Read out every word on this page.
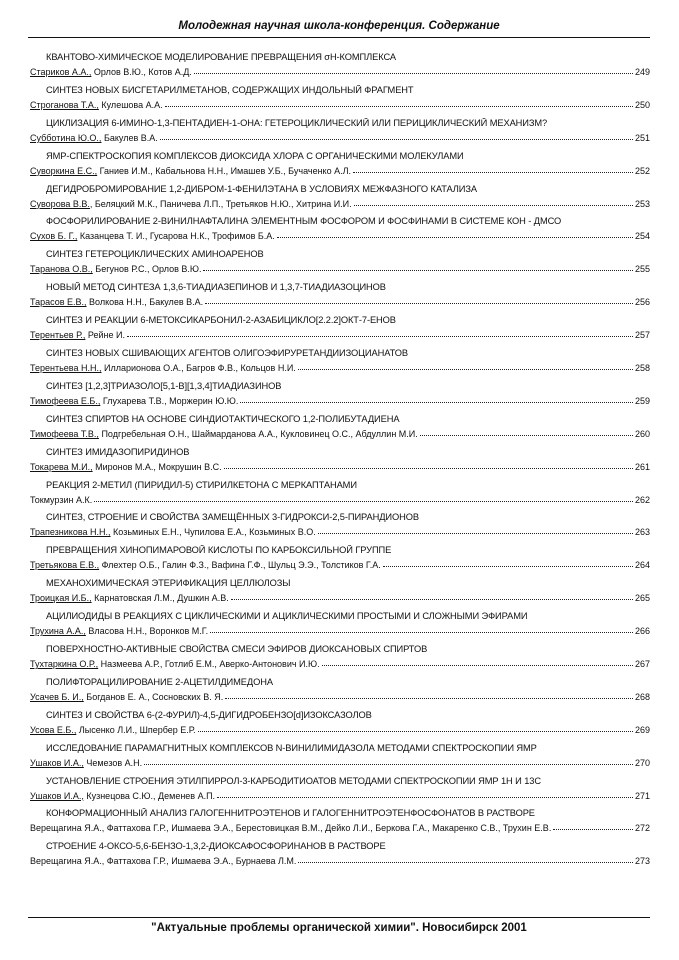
Молодежная научная школа-конференция. Содержание
КВАНТОВО-ХИМИЧЕСКОЕ МОДЕЛИРОВАНИЕ ПРЕВРАЩЕНИЯ σH-КОМПЛЕКСА
Стариков А.А., Орлов В.Ю., Котов А.Д.	249
СИНТЕЗ НОВЫХ БИСГЕТАРИЛМЕТАНОВ, СОДЕРЖАЩИХ ИНДОЛЬНЫЙ ФРАГМЕНТ
Строганова Т.А., Кулешова А.А.	250
ЦИКЛИЗАЦИЯ 6-ИМИНО-1,3-ПЕНТАДИЕН-1-ОНА: ГЕТЕРОЦИКЛИЧЕСКИЙ ИЛИ ПЕРИЦИКЛИЧЕСКИЙ МЕХАНИЗМ?
Субботина Ю.О., Бакулев В.А.	251
ЯМР-СПЕКТРОСКОПИЯ КОМПЛЕКСОВ ДИОКСИДА ХЛОРА С ОРГАНИЧЕСКИМИ МОЛЕКУЛАМИ
Суворкина Е.С., Ганиев И.М., Кабальнова Н.Н., Имашев У.Б., Бучаченко А.Л.	252
ДЕГИДРОБРОМИРОВАНИЕ 1,2-ДИБРОМ-1-ФЕНИЛЭТАНА В УСЛОВИЯХ МЕЖФАЗНОГО КАТАЛИЗА
Суворова В.В., Беляцкий М.К., Паничева Л.П., Третьяков Н.Ю., Хитрина И.И.	253
ФОСФОРИЛИРОВАНИЕ 2-ВИНИЛНАФТАЛИНА ЭЛЕМЕНТНЫМ ФОСФОРОМ И ФОСФИНАМИ В СИСТЕМЕ КОН - ДМСО
Сухов Б. Г., Казанцева Т. И., Гусарова Н.К., Трофимов Б.А.	254
СИНТЕЗ ГЕТЕРОЦИКЛИЧЕСКИХ АМИНОАРЕНОВ
Таранова О.В., Бегунов Р.С., Орлов В.Ю.	255
НОВЫЙ МЕТОД СИНТЕЗА 1,3,6-ТИАДИАЗЕПИНОВ И 1,3,7-ТИАДИАЗОЦИНОВ
Тарасов Е.В., Волкова Н.Н., Бакулев В.А.	256
СИНТЕЗ И РЕАКЦИИ 6-МЕТОКСИКАРБОНИЛ-2-АЗАБИЦИКЛО[2.2.2]ОКТ-7-ЕНОВ
Терентьев Р., Рейне И.	257
СИНТЕЗ НОВЫХ СШИВАЮЩИХ АГЕНТОВ ОЛИГОЭФИРУРЕТАНДИИЗОЦИАНАТОВ
Терентьева Н.Н., Илларионова О.А., Багров Ф.В., Кольцов Н.И.	258
СИНТЕЗ [1,2,3]ТРИАЗОЛО[5,1-В][1,3,4]ТИАДИАЗИНОВ
Тимофеева Е.Б., Глухарева Т.В., Моржерин Ю.Ю.	259
СИНТЕЗ СПИРТОВ НА ОСНОВЕ СИНДИОТАКТИЧЕСКОГО 1,2-ПОЛИБУТАДИЕНА
Тимофеева Т.В., Подгребельная О.Н., Шаймарданова А.А., Кукловинец О.С., Абдуллин М.И.	260
СИНТЕЗ ИМИДАЗОПИРИДИНОВ
Токарева М.И., Миронов М.А., Мокрушин В.С.	261
РЕАКЦИЯ 2-МЕТИЛ (ПИРИДИЛ-5) СТИРИЛКЕТОНА С МЕРКАПТАНАМИ
Токмурзин А.К.	262
СИНТЕЗ, СТРОЕНИЕ И СВОЙСТВА ЗАМЕЩЁННЫХ 3-ГИДРОКСИ-2,5-ПИРАНДИОНОВ
Трапезникова Н.Н., Козьминых Е.Н., Чупилова Е.А., Козьминых В.О.	263
ПРЕВРАЩЕНИЯ ХИНОПИМАРОВОЙ КИСЛОТЫ ПО КАРБОКСИЛЬНОЙ ГРУППЕ
Третьякова Е.В., Флехтер О.Б., Галин Ф.З., Вафина Г.Ф., Шульц Э.Э., Толстиков Г.А.	264
МЕХАНОХИМИЧЕСКАЯ ЭТЕРИФИКАЦИЯ ЦЕЛЛЮЛОЗЫ
Троицкая И.Б., Карнатовская Л.М., Душкин А.В.	265
АЦИЛИОДИДЫ В РЕАКЦИЯХ С ЦИКЛИЧЕСКИМИ И АЦИКЛИЧЕСКИМИ ПРОСТЫМИ И СЛОЖНЫМИ ЭФИРАМИ
Трухина А.А., Власова Н.Н., Воронков М.Г.	266
ПОВЕРХНОСТНО-АКТИВНЫЕ СВОЙСТВА СМЕСИ ЭФИРОВ ДИОКСАНОВЫХ СПИРТОВ
Тухтаркина О.Р., Назмеева А.Р., Готлиб Е.М., Аверко-Антонович И.Ю.	267
ПОЛИФТОРАЦИЛИРОВАНИЕ 2-АЦЕТИЛДИМЕДОНА
Усачев Б. И., Богданов Е. А., Сосновских В. Я.	268
СИНТЕЗ И СВОЙСТВА 6-(2-ФУРИЛ)-4,5-ДИГИДРОБЕНЗО[d]ИЗОКСАЗОЛОВ
Усова Е.Б., Лысенко Л.И., Шпербер Е.Р.	269
ИССЛЕДОВАНИЕ ПАРАМАГНИТНЫХ КОМПЛЕКСОВ N-ВИНИЛИМИДАЗОЛА МЕТОДАМИ СПЕКТРОСКОПИИ ЯМР
Ушаков И.А., Чемезов А.Н.	270
УСТАНОВЛЕНИЕ СТРОЕНИЯ ЭТИЛПИРРОЛ-3-КАРБОДИТИОАТОВ МЕТОДАМИ СПЕКТРОСКОПИИ ЯМР 1H И 13C
Ушаков И.А., Кузнецова С.Ю., Деменев А.П.	271
КОНФОРМАЦИОННЫЙ АНАЛИЗ ГАЛОГЕННИТРОЭТЕНОВ И ГАЛОГЕННИТРОЭТЕНФОСФОНАТОВ В РАСТВОРЕ
Верещагина Я.А., Фаттахова Г.Р., Ишмаева Э.А., Берестовицкая В.М., Дейко Л.И., Беркова Г.А., Макаренко С.В., Трухин Е.В.	272
СТРОЕНИЕ 4-ОКСО-5,6-БЕНЗО-1,3,2-ДИОКСАФОСФОРИНАНОВ В РАСТВОРЕ
Верещагина Я.А., Фаттахова Г.Р., Ишмаева Э.А., Бурнаева Л.М.	273
"Актуальные проблемы органической химии". Новосибирск 2001
